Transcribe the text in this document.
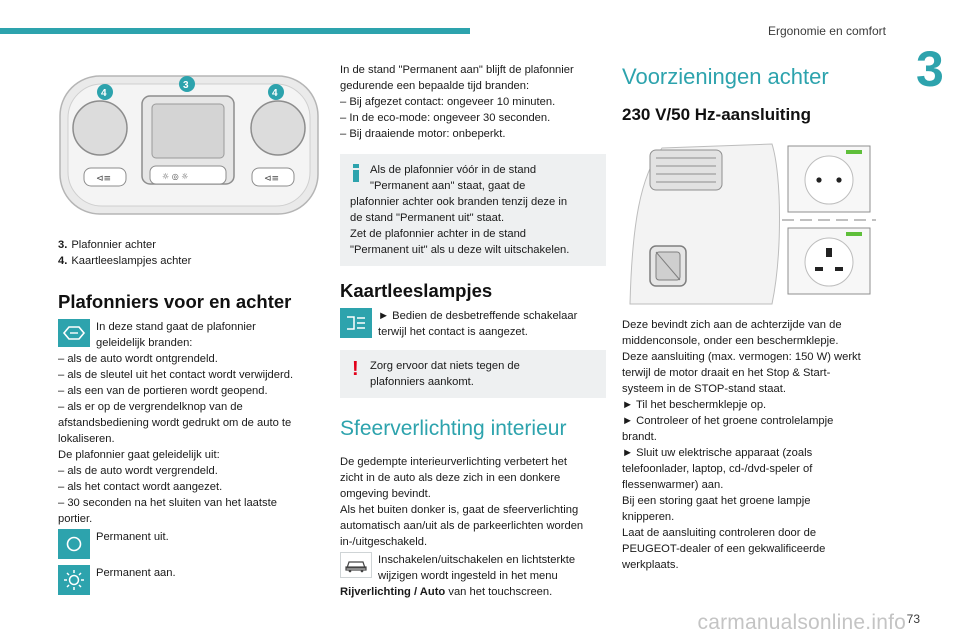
Ergonomie en comfort
3
☼ ◎ ☼
⊲≡	⊲≡
4
3
4
3. Plafonnier achter
4. Kaartleeslampjes achter
Plafonniers voor en achter
In deze stand gaat de plafonnier
geleidelijk branden:
– als de auto wordt ontgrendeld.
– als de sleutel uit het contact wordt verwijderd.
– als een van de portieren wordt geopend.
– als er op de vergrendelknop van de
afstandsbediening wordt gedrukt om de auto te
lokaliseren.
De plafonnier gaat geleidelijk uit:
– als de auto wordt vergrendeld.
– als het contact wordt aangezet.
– 30 seconden na het sluiten van het laatste
portier.
Permanent uit.
Permanent aan.
In de stand "Permanent aan" blijft de plafonnier
gedurende een bepaalde tijd branden:
– Bij afgezet contact: ongeveer 10 minuten.
– In de eco-mode: ongeveer 30 seconden.
– Bij draaiende motor: onbeperkt.
Als de plafonnier vóór in de stand
"Permanent aan" staat, gaat de
plafonnier achter ook branden tenzij deze in
de stand "Permanent uit" staat.
Zet de plafonnier achter in de stand
"Permanent uit" als u deze wilt uitschakelen.
Kaartleeslampjes
► Bedien de desbetreffende schakelaar
terwijl het contact is aangezet.
! Zorg ervoor dat niets tegen de
plafonniers aankomt.
Sfeerverlichting interieur
De gedempte interieurverlichting verbetert het
zicht in de auto als deze zich in een donkere
omgeving bevindt.
Als het buiten donker is, gaat de sfeerverlichting
automatisch aan/uit als de parkeerlichten worden
in-/uitgeschakeld.
Inschakelen/uitschakelen en lichtsterkte
wijzigen wordt ingesteld in het menu
Rijverlichting / Auto van het touchscreen.
Voorzieningen achter
230 V/50 Hz-aansluiting
Deze bevindt zich aan de achterzijde van de
middenconsole, onder een beschermklepje.
Deze aansluiting (max. vermogen: 150 W) werkt
terwijl de motor draait en het Stop & Start-
systeem in de STOP-stand staat.
► Til het beschermklepje op.
► Controleer of het groene controlelampje
brandt.
► Sluit uw elektrische apparaat (zoals
telefoonlader, laptop, cd-/dvd-speler of
flessenwarmer) aan.
Bij een storing gaat het groene lampje
knipperen.
Laat de aansluiting controleren door de
PEUGEOT-dealer of een gekwalificeerde
werkplaats.
carmanualsonline.info 73
